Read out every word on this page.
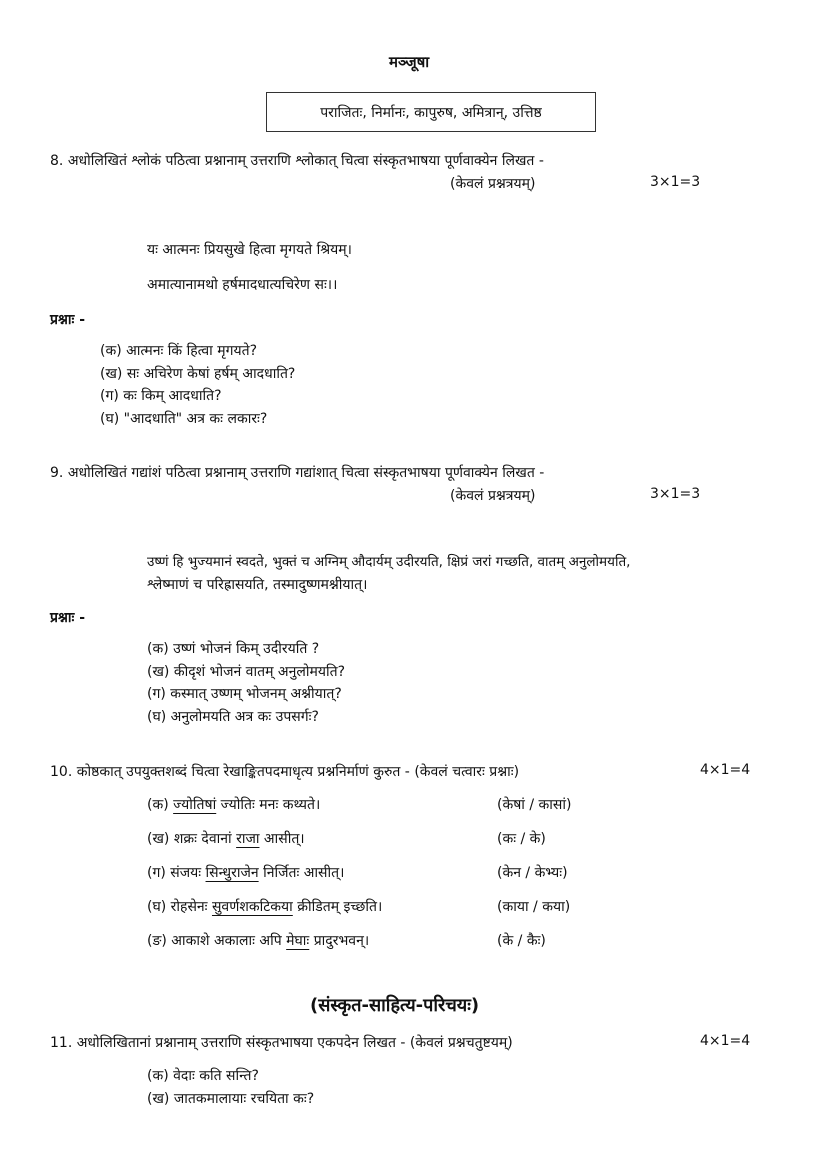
मञ्जूषा
पराजितः, निर्मानः, कापुरुष, अमित्रान्, उत्तिष्ठ
8. अधोलिखितं श्लोकं पठित्वा प्रश्नानाम् उत्तराणि श्लोकात् चित्वा संस्कृतभाषया पूर्णवाक्येन लिखत -
(केवलं प्रश्नत्रयम्)	3×1=3
यः आत्मनः प्रियसुखे हित्वा मृगयते श्रियम्।
अमात्यानामथो हर्षमादधात्यचिरेण सः।।
प्रश्नाः -
(क) आत्मनः किं हित्वा मृगयते?
(ख) सः अचिरेण केषां हर्षम् आदधाति?
(ग) कः किम् आदधाति?
(घ) "आदधाति" अत्र कः लकारः?
9. अधोलिखितं गद्यांशं पठित्वा प्रश्नानाम् उत्तराणि गद्यांशात् चित्वा संस्कृतभाषया पूर्णवाक्येन लिखत -
(केवलं प्रश्नत्रयम्)	3×1=3
उष्णं हि भुज्यमानं स्वदते, भुक्तं च अग्निम् औदार्यम् उदीरयति, क्षिप्रं जरां गच्छति, वातम् अनुलोमयति,
श्लेष्माणं च परिह्रासयति, तस्मादुष्णमश्नीयात्।
प्रश्नाः -
(क) उष्णं भोजनं किम् उदीरयति ?
(ख) कीदृशं भोजनं वातम् अनुलोमयति?
(ग) कस्मात् उष्णम् भोजनम् अश्नीयात्?
(घ) अनुलोमयति अत्र कः उपसर्गः?
10. कोष्ठकात् उपयुक्तशब्दं चित्वा रेखाङ्कितपदमाधृत्य प्रश्ननिर्माणं कुरुत - (केवलं चत्वारः प्रश्नाः)	4×1=4
(क) ज्योतिषां ज्योतिः मनः कथ्यते।	(केषां / कासां)
(ख) शक्रः देवानां राजा आसीत्।	(कः / के)
(ग) संजयः सिन्धुराजेन निर्जितः आसीत्।	(केन / केभ्यः)
(घ) रोहसेनः सुवर्णशकटिकया क्रीडितम् इच्छति।	(काया / कया)
(ङ) आकाशे अकालाः अपि मेघाः प्रादुरभवन्।	(के / कैः)
(संस्कृत-साहित्य-परिचयः)
11. अधोलिखितानां प्रश्नानाम् उत्तराणि संस्कृतभाषया एकपदेन लिखत - (केवलं प्रश्नचतुष्टयम्)	4×1=4
(क) वेदाः कति सन्ति?
(ख) जातकमालायाः रचयिता कः?
